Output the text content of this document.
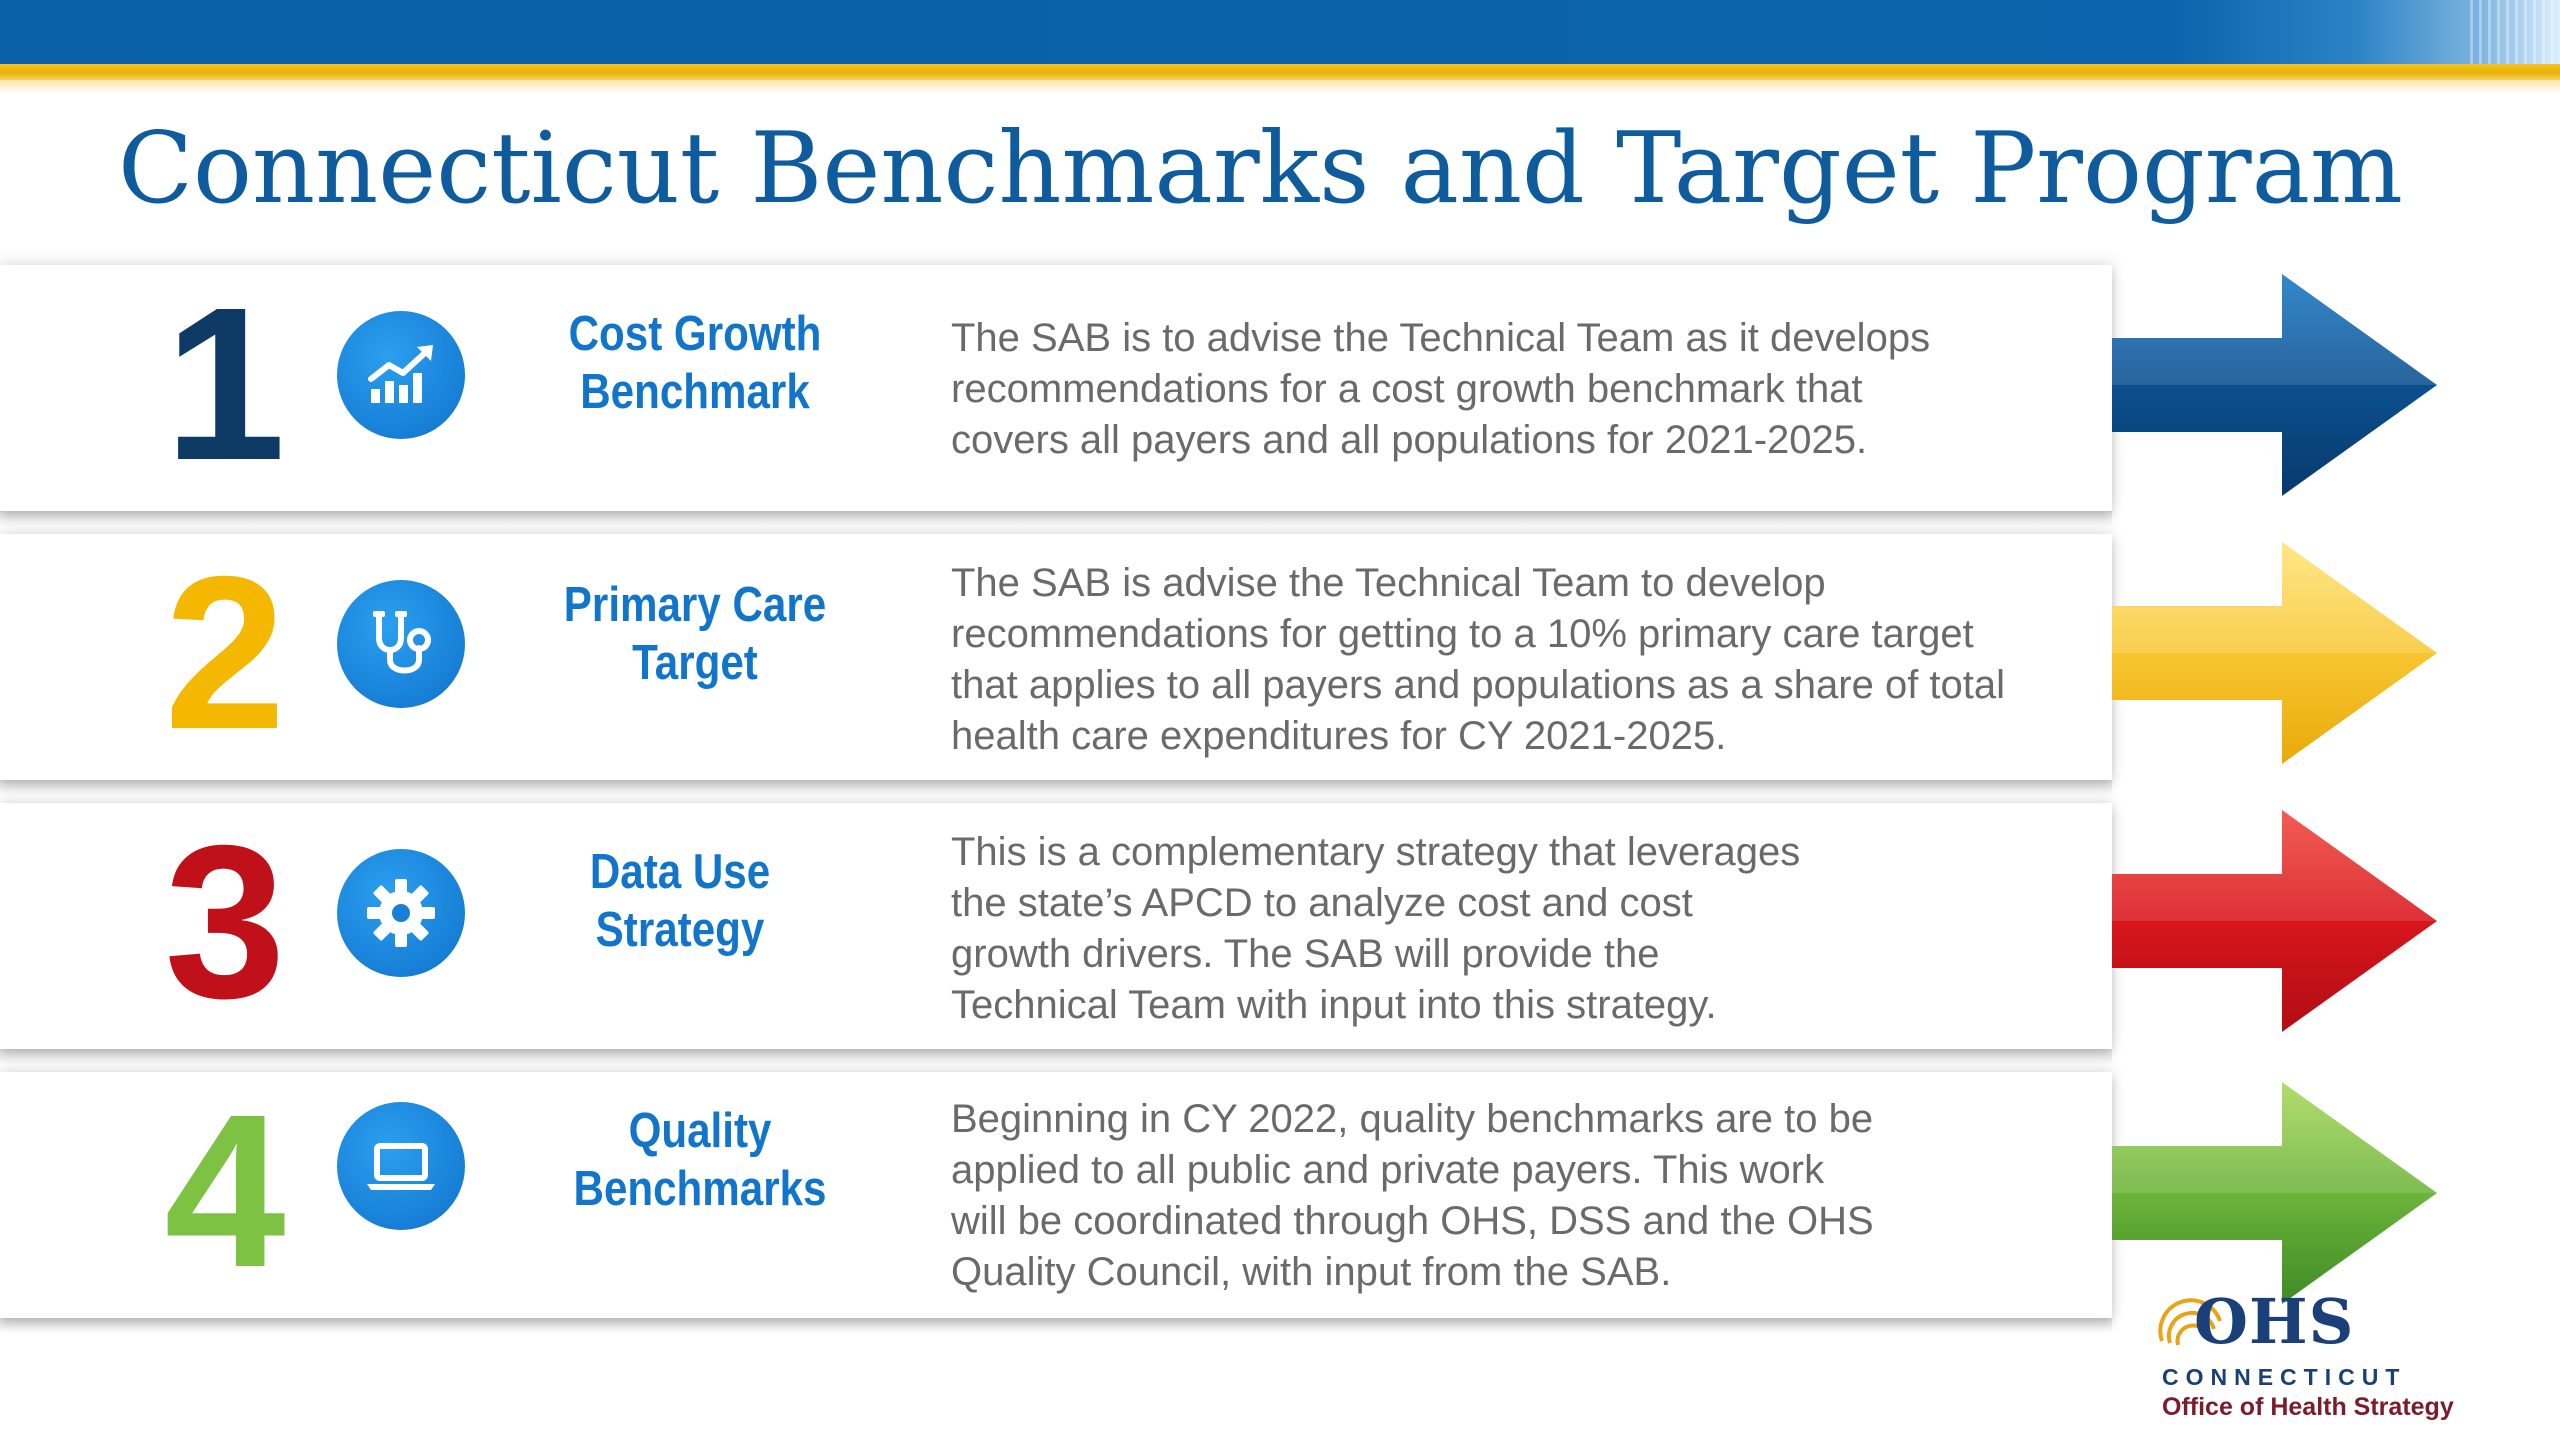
Connecticut Benchmarks and Target Program
1	Cost Growth
Benchmark
The SAB is to advise the Technical Team as it develops
recommendations for a cost growth benchmark that
covers all payers and all populations for 2021-2025.
2	Primary Care
Target
The SAB is advise the Technical Team to develop
recommendations for getting to a 10% primary care target
that applies to all payers and populations as a share of total
health care expenditures for CY 2021-2025.
3	Data Use
Strategy
This is a complementary strategy that leverages
the state’s APCD to analyze cost and cost
growth drivers. The SAB will provide the
Technical Team with input into this strategy.
4	Quality
Benchmarks
Beginning in CY 2022, quality benchmarks are to be
applied to all public and private payers. This work
will be coordinated through OHS, DSS and the OHS
Quality Council, with input from the SAB.
OHS
CONNECTICUT
Office of Health Strategy
